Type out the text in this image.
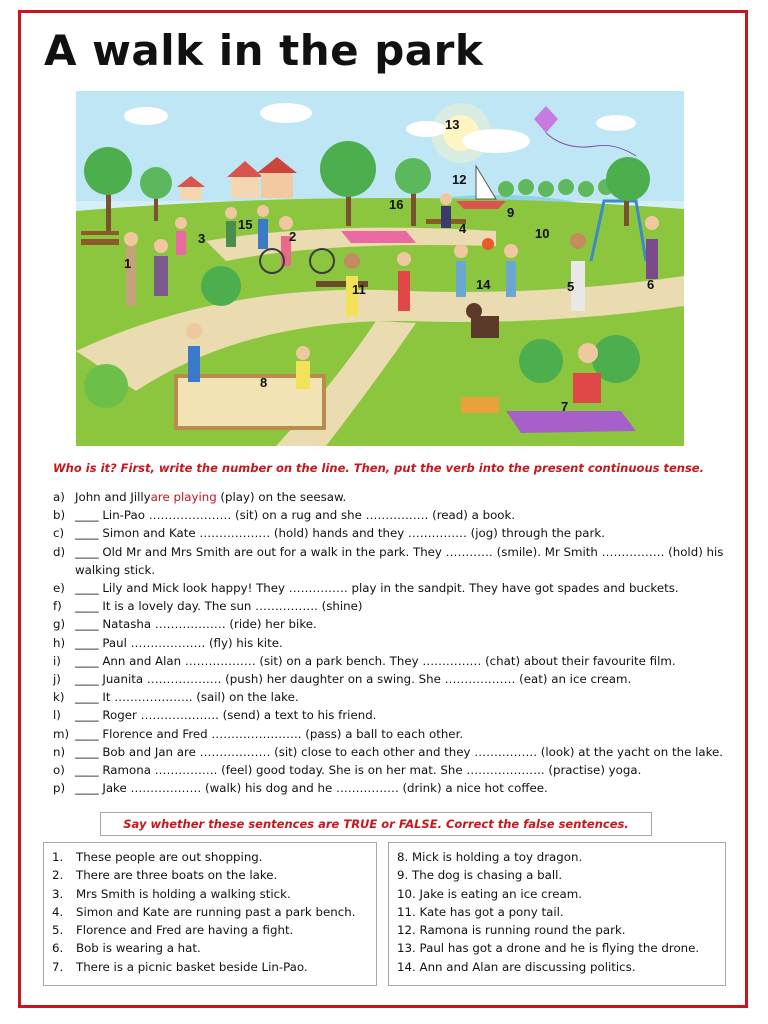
A walk in the park
1
2
3
4
5	6
7
8
9
10
11
12
13
14
15
16
Who is it? First, write the number on the line. Then, put the verb into the present continuous tense.
a) John and Jillyare playing (play) on the seesaw.
b) ____ Lin-Pao ………………… (sit) on a rug and she ……………. (read) a book.
c) ____ Simon and Kate ……………… (hold) hands and they …………… (jog) through the park.
d) ____ Old Mr and Mrs Smith are out for a walk in the park. They ………… (smile). Mr Smith ……………. (hold) his walking stick.
e) ____ Lily and Mick look happy! They …………… play in the sandpit. They have got spades and buckets.
f)	____ It is a lovely day. The sun ……………. (shine)
g) ____ Natasha ……………… (ride) her bike.
h) ____ Paul ………………. (fly) his kite.
i)	____ Ann and Alan ……………… (sit) on a park bench. They …………… (chat) about their favourite film.
j)	____ Juanita ………………. (push) her daughter on a swing. She ……………… (eat) an ice cream.
k) ____ It ……………….. (sail) on the lake.
l)	____ Roger ……………….. (send) a text to his friend.
m) ____ Florence and Fred ………………….. (pass) a ball to each other.
n) ____ Bob and Jan are ……………… (sit) close to each other and they ……………. (look) at the yacht on the lake.
o) ____ Ramona ……………. (feel) good today. She is on her mat. She ……………….. (practise) yoga.
p) ____ Jake ……………… (walk) his dog and he ……………. (drink) a nice hot coffee.
Say whether these sentences are TRUE or FALSE. Correct the false sentences.
1.	These people are out shopping.
2.	There are three boats on the lake.
3.	Mrs Smith is holding a walking stick.
4.	Simon and Kate are running past a park bench.
5.	Florence and Fred are having a fight.
6.	Bob is wearing a hat.
7.	There is a picnic basket beside Lin-Pao.
8. Mick is holding a toy dragon.
9. The dog is chasing a ball.
10. Jake is eating an ice cream.
11. Kate has got a pony tail.
12. Ramona is running round the park.
13. Paul has got a drone and he is flying the drone.
14. Ann and Alan are discussing politics.
